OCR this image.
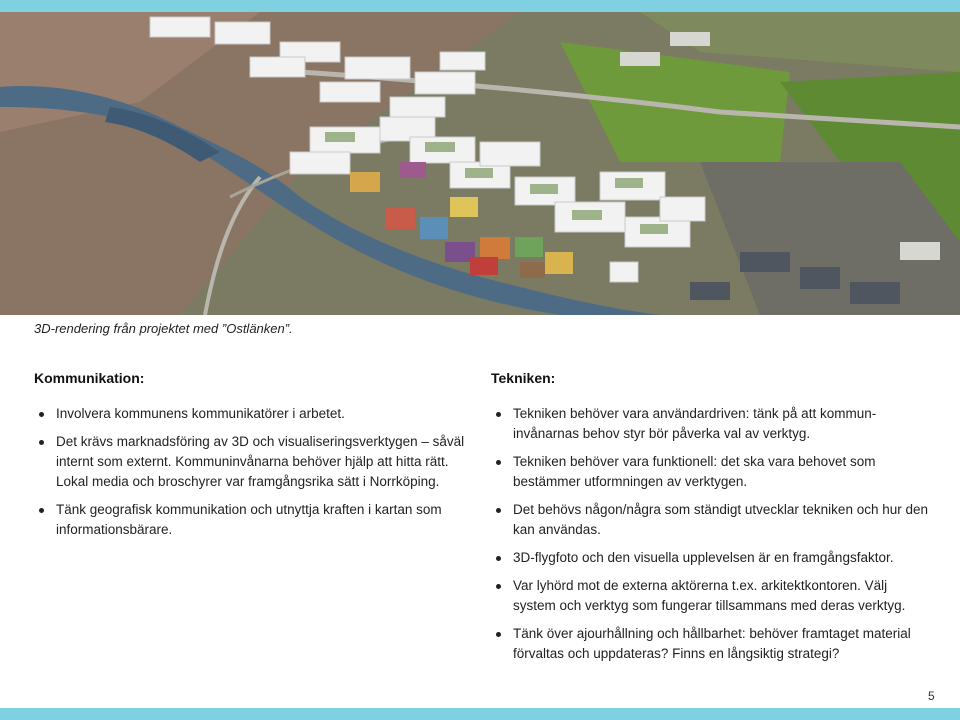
3D-rendering från projektet med ”Ostlänken”.
Kommunikation:
Involvera kommunens kommunikatörer i arbetet.
Det krävs marknadsföring av 3D och visualiseringsverktygen – såväl internt som externt. Kommuninvånarna behöver hjälp att hitta rätt. Lokal media och broschyrer var framgångsrika sätt i Norrköping.
Tänk geografisk kommunikation och utnyttja kraften i kartan som informationsbärare.
Tekniken:
Tekniken behöver vara användardriven: tänk på att kommun-invånarnas behov styr bör påverka val av verktyg.
Tekniken behöver vara funktionell: det ska vara behovet som bestämmer utformningen av verktygen.
Det behövs någon/några som ständigt utvecklar tekniken och hur den kan användas.
3D-flygfoto och den visuella upplevelsen är en framgångsfaktor.
Var lyhörd mot de externa aktörerna t.ex. arkitektkontoren. Välj system och verktyg som fungerar tillsammans med deras verktyg.
Tänk över ajourhållning och hållbarhet: behöver framtaget material förvaltas och uppdateras? Finns en långsiktig strategi?
5
